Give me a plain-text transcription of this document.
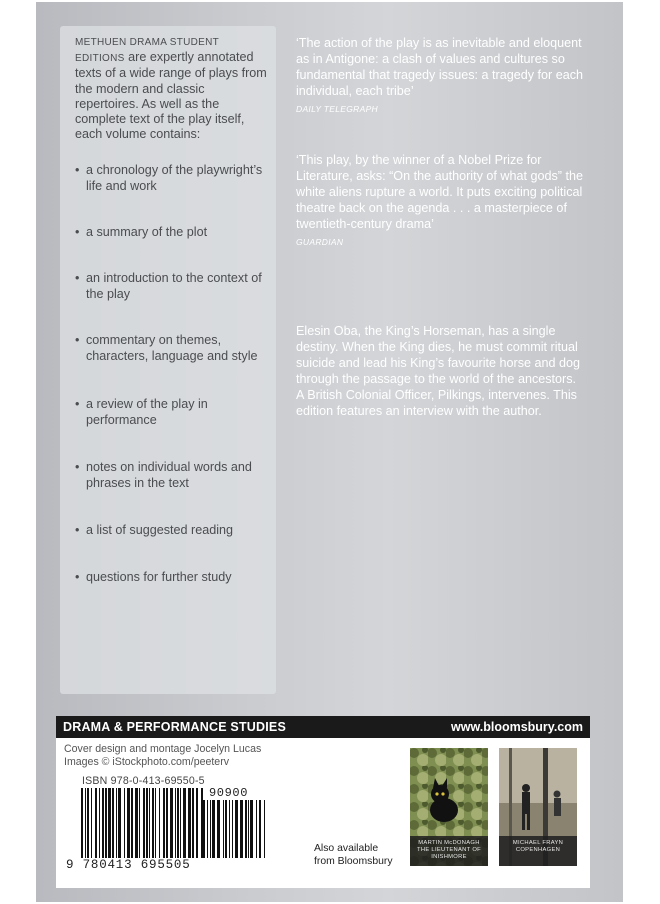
METHUEN DRAMA STUDENT EDITIONS are expertly annotated texts of a wide range of plays from the modern and classic repertoires. As well as the complete text of the play itself, each volume contains:
• a chronology of the playwright’s life and work
• a summary of the plot
• an introduction to the context of the play
• commentary on themes, characters, language and style
• a review of the play in performance
• notes on individual words and phrases in the text
• a list of suggested reading
• questions for further study
‘The action of the play is as inevitable and eloquent as in Antigone: a clash of values and cultures so fundamental that tragedy issues: a tragedy for each individual, each tribe’
DAILY TELEGRAPH
‘This play, by the winner of a Nobel Prize for Literature, asks: “On the authority of what gods” the white aliens rupture a world. It puts exciting political theatre back on the agenda . . . a masterpiece of twentieth-century drama’
GUARDIAN
Elesin Oba, the King’s Horseman, has a single destiny. When the King dies, he must commit ritual suicide and lead his King’s favourite horse and dog through the passage to the world of the ancestors. A British Colonial Officer, Pilkings, intervenes. This edition features an interview with the author.
DRAMA & PERFORMANCE STUDIES	www.bloomsbury.com
Cover design and montage Jocelyn Lucas
Images © iStockphoto.com/peeterv
ISBN 978-0-413-69550-5
90900
9 780413 695505
Also available
from Bloomsbury
MARTIN McDONAGH
THE LIEUTENANT OF INISHMORE
MICHAEL FRAYN
COPENHAGEN
